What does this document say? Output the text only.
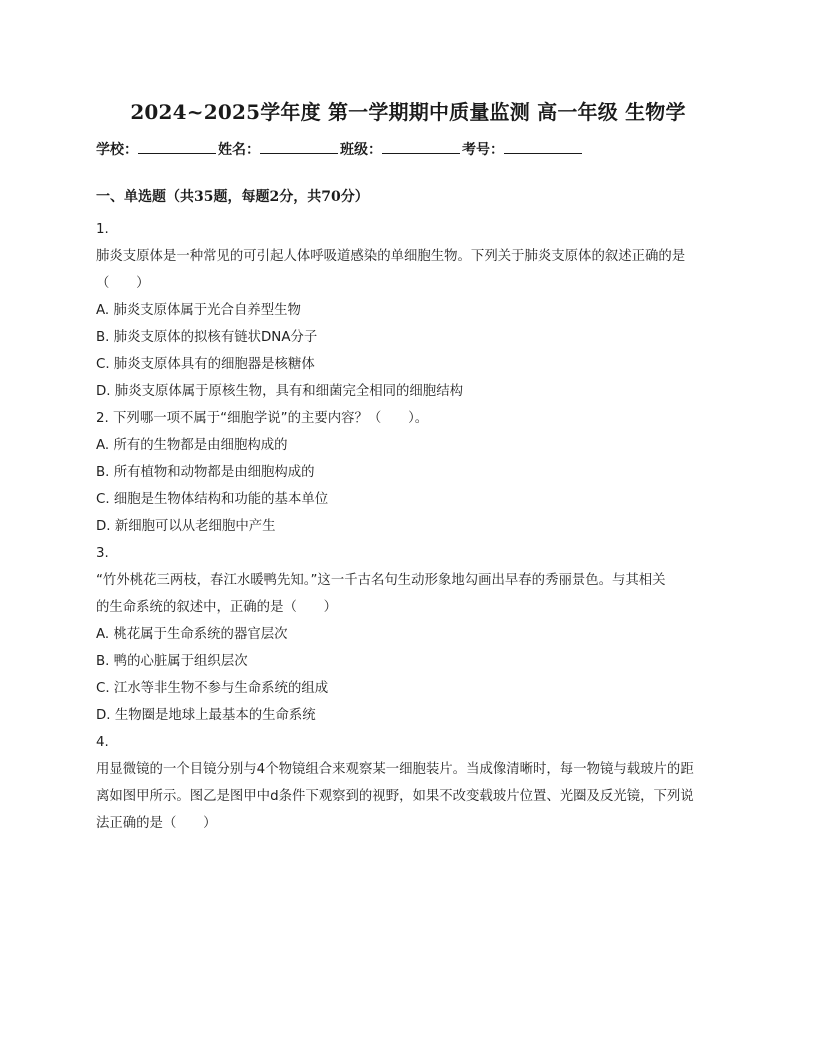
2024~2025学年度 第一学期期中质量监测 高一年级 生物学
学校：	姓名：	班级：	考号：
一、单选题（共35题，每题2分，共70分）
1.
肺炎支原体是一种常见的可引起人体呼吸道感染的单细胞生物。下列关于肺炎支原体的叙述正确的是
（　　）
A. 肺炎支原体属于光合自养型生物
B. 肺炎支原体的拟核有链状DNA分子
C. 肺炎支原体具有的细胞器是核糖体
D. 肺炎支原体属于原核生物，具有和细菌完全相同的细胞结构
2. 下列哪一项不属于“细胞学说”的主要内容？（　　）。
A. 所有的生物都是由细胞构成的
B. 所有植物和动物都是由细胞构成的
C. 细胞是生物体结构和功能的基本单位
D. 新细胞可以从老细胞中产生
3.
“竹外桃花三两枝，春江水暖鸭先知。”这一千古名句生动形象地勾画出早春的秀丽景色。与其相关
的生命系统的叙述中，正确的是（　　）
A. 桃花属于生命系统的器官层次
B. 鸭的心脏属于组织层次
C. 江水等非生物不参与生命系统的组成
D. 生物圈是地球上最基本的生命系统
4.
用显微镜的一个目镜分别与4个物镜组合来观察某一细胞装片。当成像清晰时，每一物镜与载玻片的距
离如图甲所示。图乙是图甲中d条件下观察到的视野，如果不改变载玻片位置、光圈及反光镜，下列说
法正确的是（　　）
